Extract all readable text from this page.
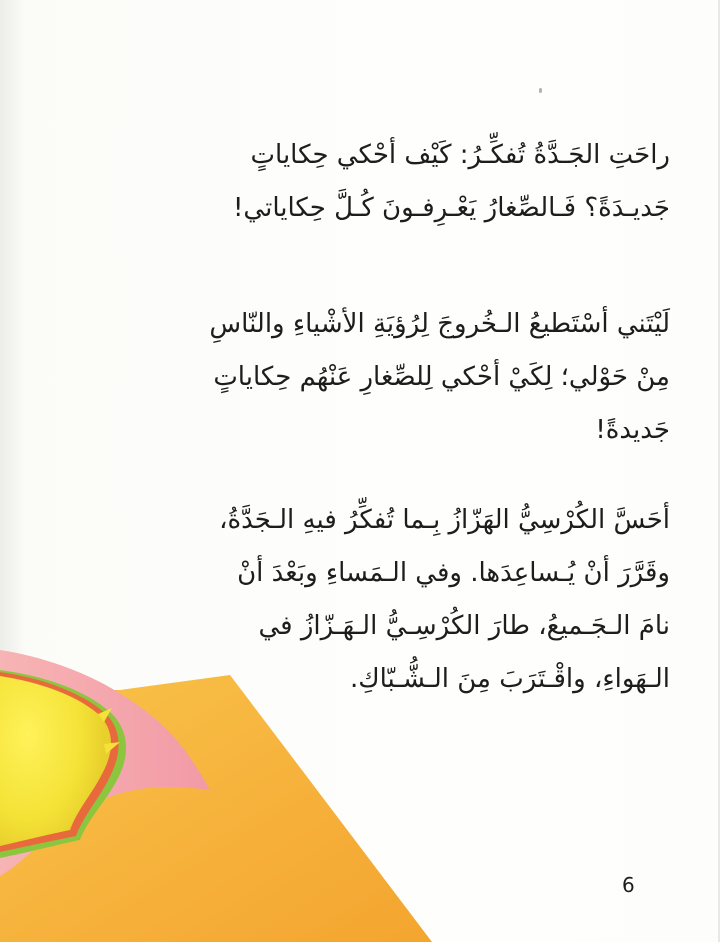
راحَتِ الجَـدَّةُ تُفكِّـرُ: كَيْف أحْكي حِكاياتٍ
جَديـدَةً؟ فَـالصِّغارُ يَعْـرِفـونَ كُـلَّ حِكاياتي!
لَيْتَني أسْتَطيعُ الـخُروجَ لِرُؤيَةِ الأشْياءِ والنّاسِ
مِنْ حَوْلي؛ لِكَيْ أحْكي لِلصِّغارِ عَنْهُم حِكاياتٍ
جَديدةً!
أحَسَّ الكُرْسِيُّ الهَزّازُ بِـما تُفكِّرُ فيهِ الـجَدَّةُ،
وقَرَّرَ أنْ يُـساعِدَها. وفي الـمَساءِ وبَعْدَ أنْ
نامَ الـجَـميعُ، طارَ الكُرْسِـيُّ الـهَـزّازُ في
الـهَواءِ، واقْـتَرَبَ مِنَ الـشُّـبّاكِ.
6
